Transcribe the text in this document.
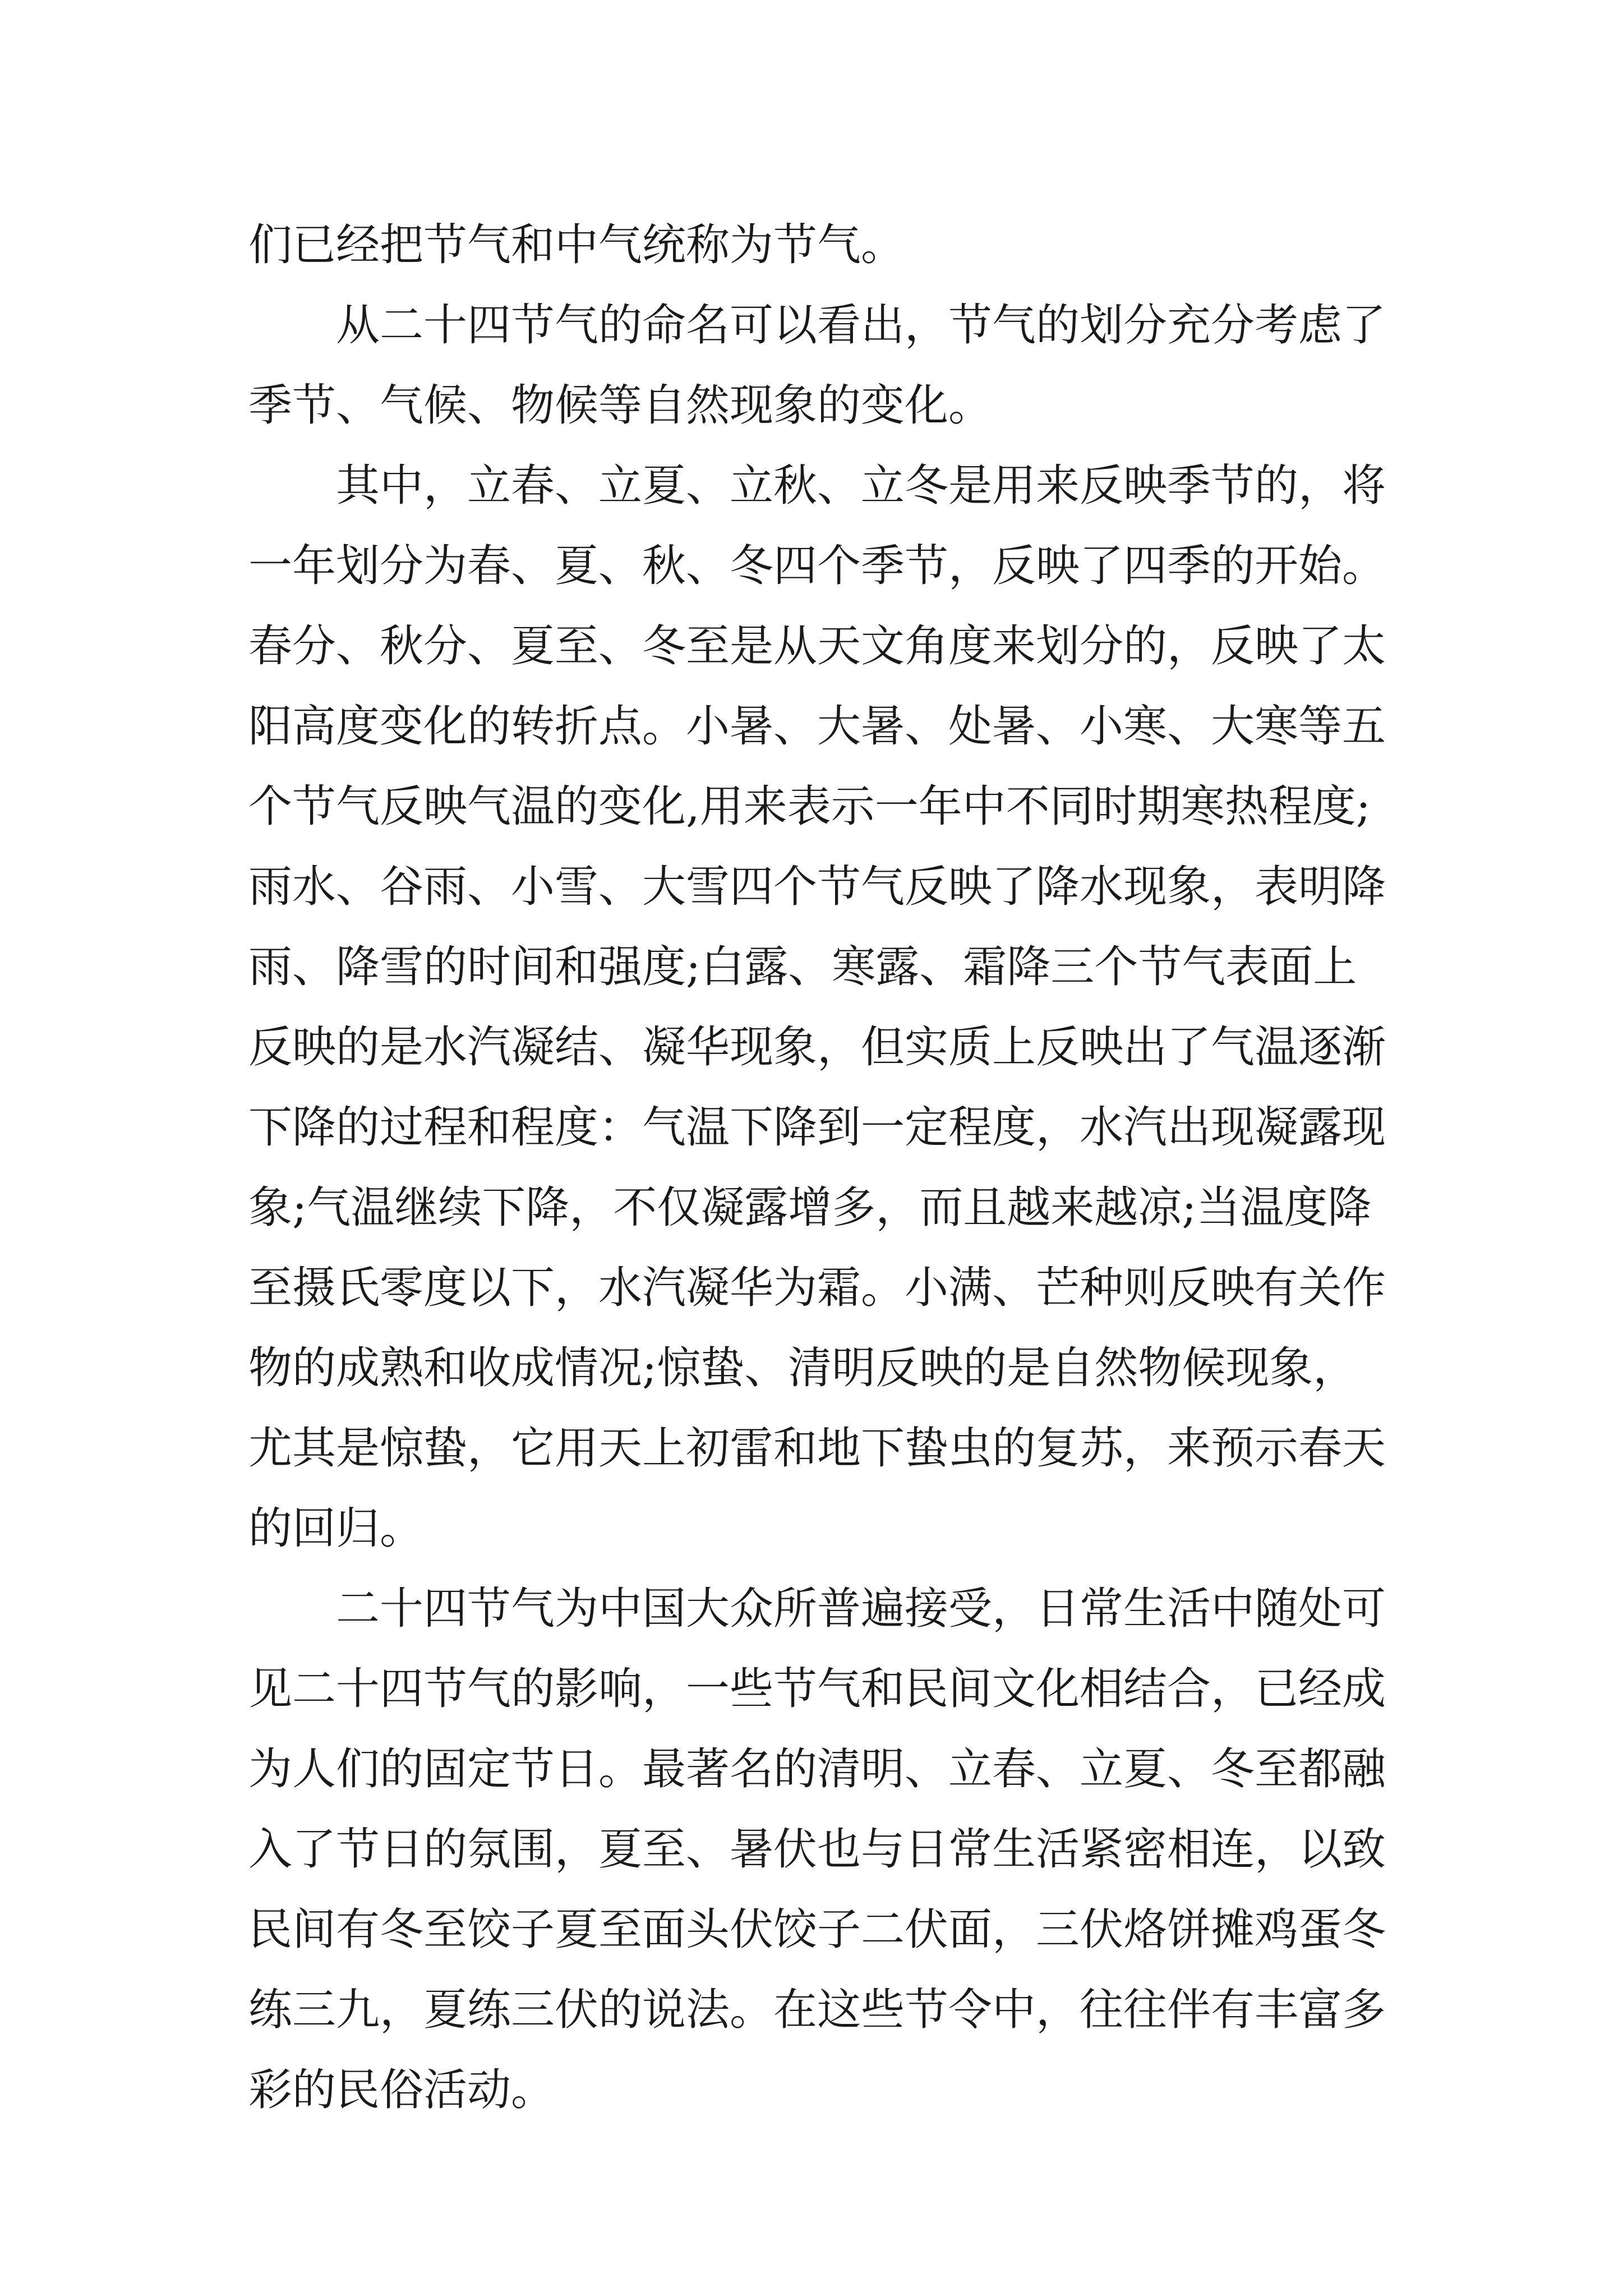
们已经把节气和中气统称为节气。

　　从二十四节气的命名可以看出，节气的划分充分考虑了
季节、气候、物候等自然现象的变化。

　　其中，立春、立夏、立秋、立冬是用来反映季节的，将
一年划分为春、夏、秋、冬四个季节，反映了四季的开始。
春分、秋分、夏至、冬至是从天文角度来划分的，反映了太
阳高度变化的转折点。小暑、大暑、处暑、小寒、大寒等五
个节气反映气温的变化,用来表示一年中不同时期寒热程度;
雨水、谷雨、小雪、大雪四个节气反映了降水现象，表明降
雨、降雪的时间和强度;白露、寒露、霜降三个节气表面上
反映的是水汽凝结、凝华现象，但实质上反映出了气温逐渐
下降的过程和程度：气温下降到一定程度，水汽出现凝露现
象;气温继续下降，不仅凝露增多，而且越来越凉;当温度降
至摄氏零度以下，水汽凝华为霜。小满、芒种则反映有关作
物的成熟和收成情况;惊蛰、清明反映的是自然物候现象，
尤其是惊蛰，它用天上初雷和地下蛰虫的复苏，来预示春天
的回归。

　　二十四节气为中国大众所普遍接受，日常生活中随处可
见二十四节气的影响，一些节气和民间文化相结合，已经成
为人们的固定节日。最著名的清明、立春、立夏、冬至都融
入了节日的氛围，夏至、暑伏也与日常生活紧密相连，以致
民间有冬至饺子夏至面头伏饺子二伏面，三伏烙饼摊鸡蛋冬
练三九，夏练三伏的说法。在这些节令中，往往伴有丰富多
彩的民俗活动。
